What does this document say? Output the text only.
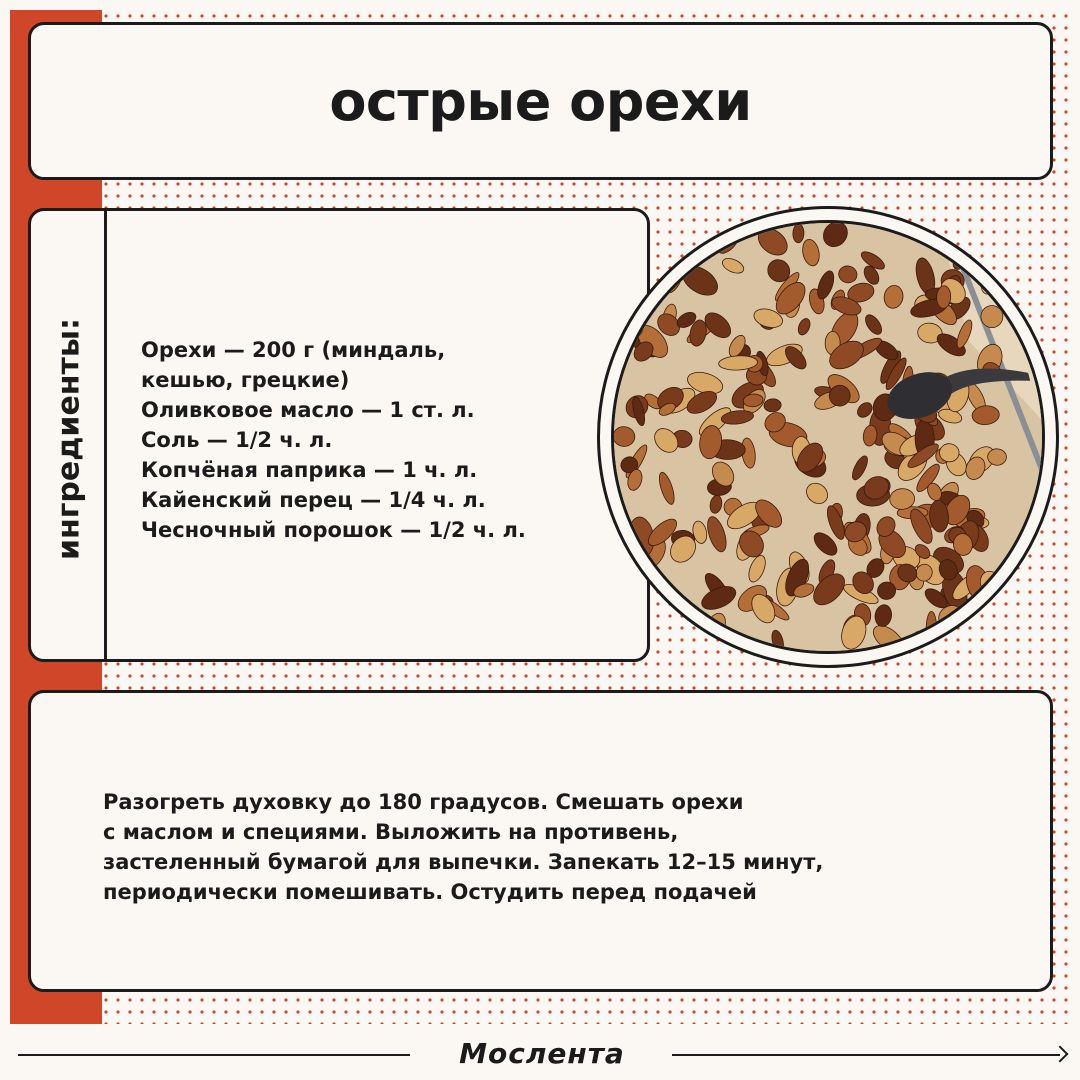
острые орехи
ингредиенты:	Орехи — 200 г (миндаль,
кешью, грецкие)
Оливковое масло — 1 ст. л.
Соль — 1/2 ч. л.
Копчёная паприка — 1 ч. л.
Кайенский перец — 1/4 ч. л.
Чесночный порошок — 1/2 ч. л.
Разогреть духовку до 180 градусов. Смешать орехи
с маслом и специями. Выложить на противень,
застеленный бумагой для выпечки. Запекать 12–15 минут,
периодически помешивать. Остудить перед подачей
Мослента
